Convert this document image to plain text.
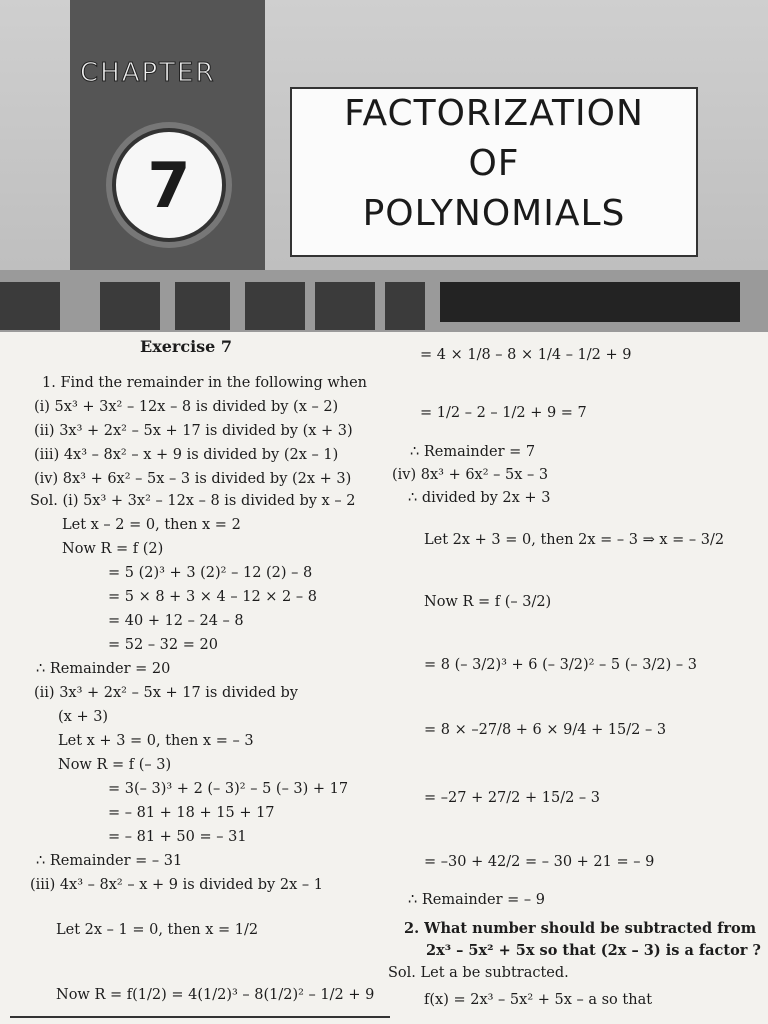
CHAPTER
7
FACTORIZATION
OF
POLYNOMIALS
Exercise 7
1. Find the remainder in the following when
(i) 5x³ + 3x² – 12x – 8 is divided by (x – 2)
(ii) 3x³ + 2x² – 5x + 17 is divided by (x + 3)
(iii) 4x³ – 8x² – x + 9 is divided by (2x – 1)
(iv) 8x³ + 6x² – 5x – 3 is divided by (2x + 3)
Sol. (i) 5x³ + 3x² – 12x – 8 is divided by x – 2
Let x – 2 = 0, then x = 2
Now R = f (2)
= 5 (2)³ + 3 (2)² – 12 (2) – 8
= 5 × 8 + 3 × 4 – 12 × 2 – 8
= 40 + 12 – 24 – 8
= 52 – 32 = 20
∴ Remainder = 20
(ii) 3x³ + 2x² – 5x + 17 is divided by
(x + 3)
Let x + 3 = 0, then x = – 3
Now R = f (– 3)
= 3(– 3)³ + 2 (– 3)² – 5 (– 3) + 17
= – 81 + 18 + 15 + 17
= – 81 + 50 = – 31
∴ Remainder = – 31
(iii) 4x³ – 8x² – x + 9 is divided by 2x – 1
Let 2x – 1 = 0, then x = 1/2
Now R = f(1/2) = 4(1/2)³ – 8(1/2)² – 1/2 + 9
= 4 × 1/8 – 8 × 1/4 – 1/2 + 9
= 1/2 – 2 – 1/2 + 9 = 7
∴ Remainder = 7
(iv) 8x³ + 6x² – 5x – 3
∴ divided by 2x + 3
Let 2x + 3 = 0, then 2x = – 3 ⇒ x = – 3/2
Now R = f (– 3/2)
= 8 (– 3/2)³ + 6 (– 3/2)² – 5 (– 3/2) – 3
= 8 × –27/8 + 6 × 9/4 + 15/2 – 3
= –27 + 27/2 + 15/2 – 3
= –30 + 42/2 = – 30 + 21 = – 9
∴ Remainder = – 9
2. What number should be subtracted from
2x³ – 5x² + 5x so that (2x – 3) is a factor ?
Sol. Let a be subtracted.
f(x) = 2x³ – 5x² + 5x – a so that
